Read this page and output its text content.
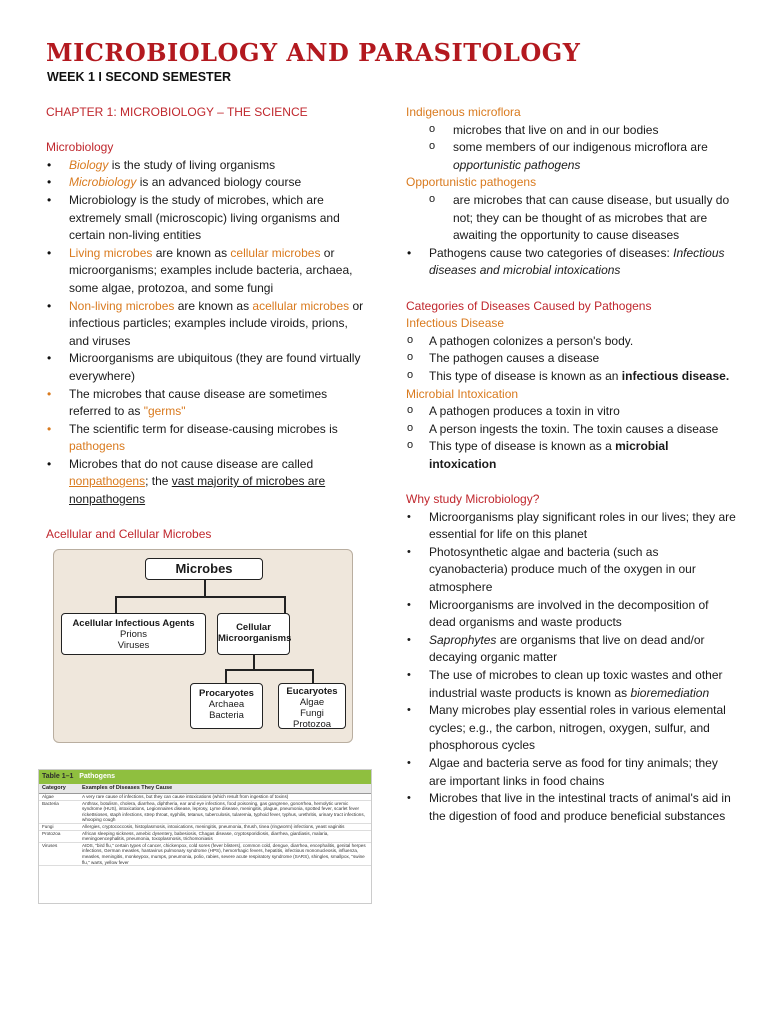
MICROBIOLOGY AND PARASITOLOGY
WEEK 1 I SECOND SEMESTER

CHAPTER 1: MICROBIOLOGY – THE SCIENCE

Microbiology

• Biology is the study of living organisms
• Microbiology is an advanced biology course
• Microbiology is the study of microbes, which are extremely small (microscopic) living organisms and certain non-living entities
• Living microbes are known as cellular microbes or microorganisms; examples include bacteria, archaea, some algae, protozoa, and some fungi
• Non-living microbes are known as acellular microbes or infectious particles; examples include viroids, prions, and viruses
• Microorganisms are ubiquitous (they are found virtually everywhere)
• The microbes that cause disease are sometimes referred to as "germs"
• The scientific term for disease-causing microbes is pathogens
• Microbes that do not cause disease are called nonpathogens; the vast majority of microbes are nonpathogens

Acellular and Cellular Microbes

Microbes
Acellular Infectious Agents
Prions
Viruses
Cellular Microorganisms
Procaryotes
Archaea
Bacteria
Eucaryotes
Algae
Fungi
Protozoa
Table 1–1 Pathogens
Category	Examples of Diseases They Cause
Algae	A very rare cause of infections, but they can cause intoxications (which result from ingestion of toxins)
Bacteria	Anthrax, botulism, cholera, diarrhea, diphtheria, ear and eye infections, food poisoning, gas gangrene, gonorrhea, hemolytic uremic syndrome (HUS), intoxications, Legionnaires disease, leprosy, Lyme disease, meningitis, plague, pneumonia, spotted fever, scarlet fever rickettsioses, staph infections, strep throat, syphilis, tetanus, tuberculosis, tularemia, typhoid fever, typhus, urethritis, urinary tract infections, whooping cough
Fungi	Allergies, cryptococcosis, histoplasmosis, intoxications, meningitis, pneumonia, thrush, tinea (ringworm) infections, yeast vaginitis
Protozoa	African sleeping sickness, amebic dysentery, babesiosis, Chagas disease, cryptosporidiosis, diarrhea, giardiasis, malaria, meningoencephalitis, pneumonia, toxoplasmosis, trichomoniasis
Viruses	AIDS, "bird flu," certain types of cancer, chickenpox, cold sores (fever blisters), common cold, dengue, diarrhea, encephalitis, genital herpes infections, German measles, hantavirus pulmonary syndrome (HPS), hemorrhagic fevers, hepatitis, infectious mononucleosis, influenza, measles, meningitis, monkeypox, mumps, pneumonia, polio, rabies, severe acute respiratory syndrome (SARS), shingles, smallpox, "swine flu," warts, yellow fever

Indigenous microflora

o microbes that live on and in our bodies
o some members of our indigenous microflora are opportunistic pathogens

Opportunistic pathogens

o are microbes that can cause disease, but usually do not; they can be thought of as microbes that are awaiting the opportunity to cause diseases
• Pathogens cause two categories of diseases: Infectious diseases and microbial intoxications

Categories of Diseases Caused by Pathogens

Infectious Disease

o A pathogen colonizes a person's body.
o The pathogen causes a disease
o This type of disease is known as an infectious disease.

Microbial Intoxication

o A pathogen produces a toxin in vitro
o A person ingests the toxin. The toxin causes a disease
o This type of disease is known as a microbial intoxication

Why study Microbiology?

• Microorganisms play significant roles in our lives; they are essential for life on this planet
• Photosynthetic algae and bacteria (such as cyanobacteria) produce much of the oxygen in our atmosphere
• Microorganisms are involved in the decomposition of dead organisms and waste products
• Saprophytes are organisms that live on dead and/or decaying organic matter
• The use of microbes to clean up toxic wastes and other industrial waste products is known as bioremediation
• Many microbes play essential roles in various elemental cycles; e.g., the carbon, nitrogen, oxygen, sulfur, and phosphorous cycles
• Algae and bacteria serve as food for tiny animals; they are important links in food chains
• Microbes that live in the intestinal tracts of animal's aid in the digestion of food and produce beneficial substances
